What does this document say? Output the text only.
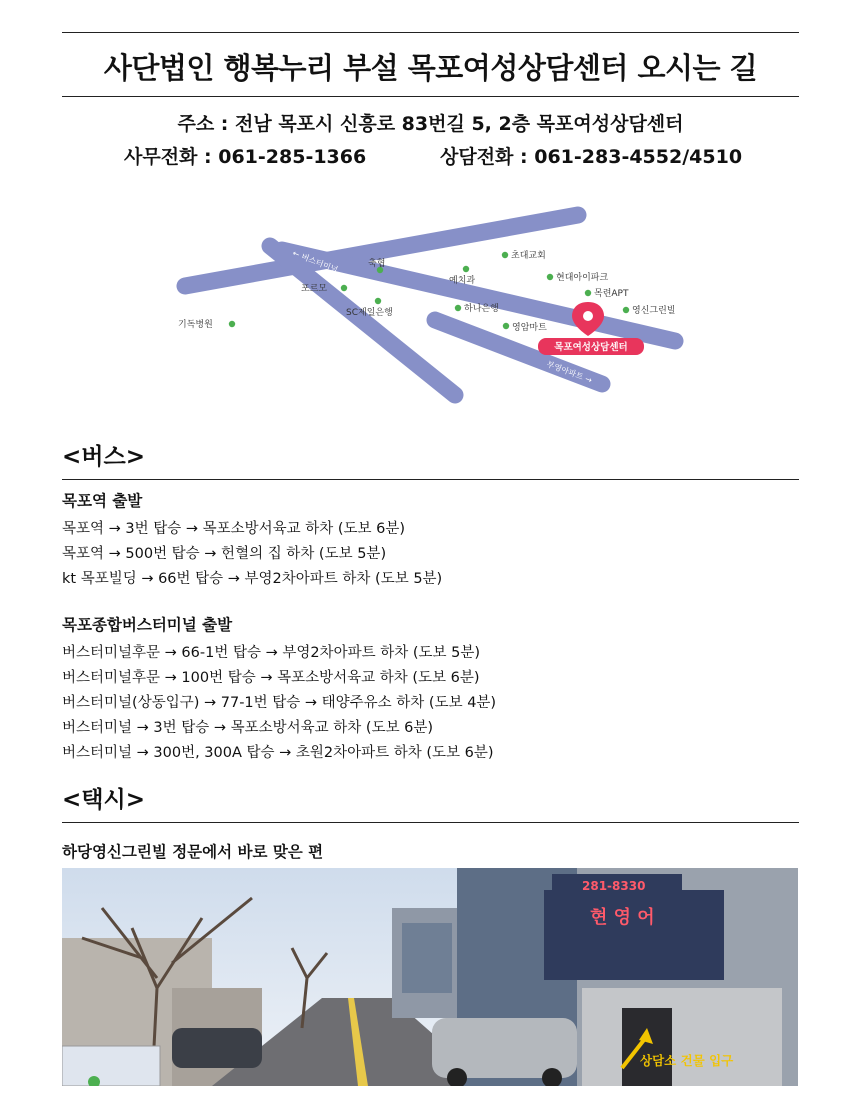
사단법인 행복누리 부설 목포여성상담센터 오시는 길
주소 : 전남 목포시 신흥로 83번길 5, 2층 목포여성상담센터
사무전화 : 061-285-1366	상담전화 : 061-283-4552/4510
← 버스터미널
부영아파트 →
축협
포르모
기독병원
SC제일은행
예치과
초대교회
현대아이파크
목련APT
영신그린빌
하나은행
영암마트
목포여성상담센터
<버스>
목포역 출발
목포역 → 3번 탑승 → 목포소방서육교 하차 (도보 6분)
목포역 → 500번 탑승 → 헌혈의 집 하차 (도보 5분)
kt 목포빌딩 → 66번 탑승 → 부영2차아파트 하차 (도보 5분)
목포종합버스터미널 출발
버스터미널후문 → 66-1번 탑승 → 부영2차아파트 하차 (도보 5분)
버스터미널후문 → 100번 탑승 → 목포소방서육교 하차 (도보 6분)
버스터미널(상동입구) → 77-1번 탑승 → 태양주유소 하차 (도보 4분)
버스터미널 → 3번 탑승 → 목포소방서육교 하차 (도보 6분)
버스터미널 → 300번, 300A 탑승 → 초원2차아파트 하차 (도보 6분)
<택시>
하당영신그린빌 정문에서 바로 맞은 편
281-8330
현 영 어
상담소 건물 입구
